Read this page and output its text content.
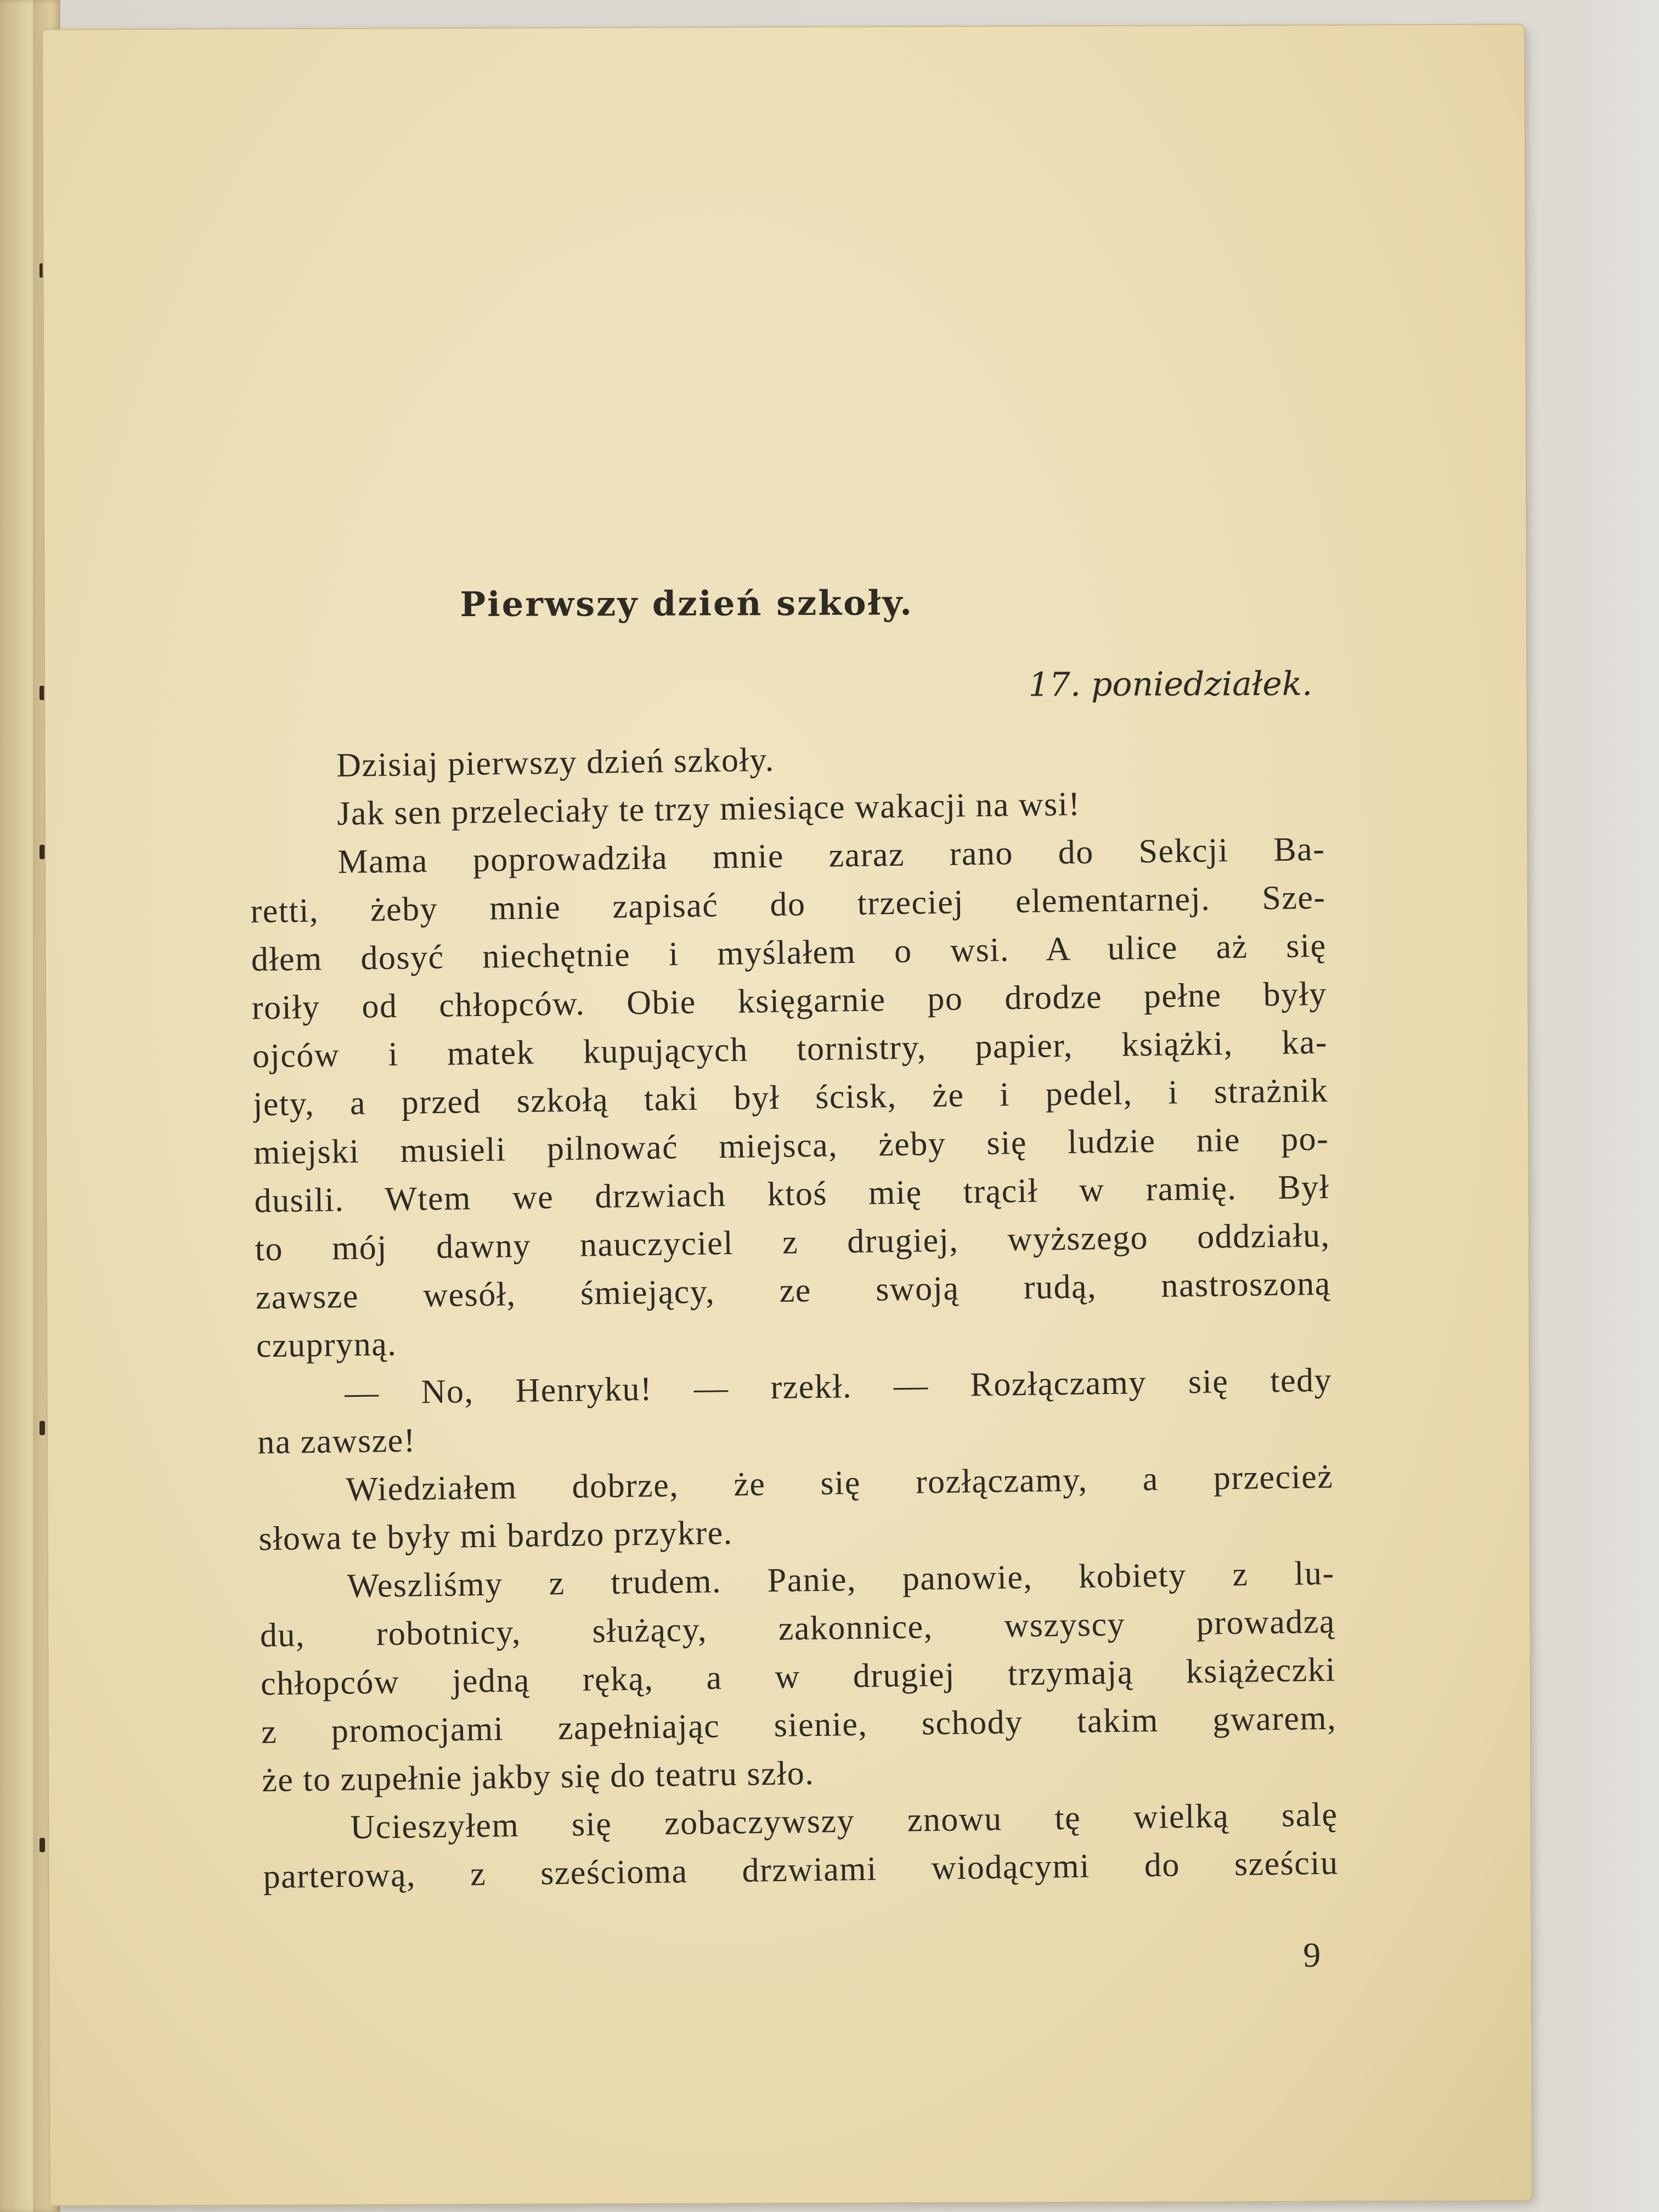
Pierwszy dzień szkoły.
17. poniedziałek.
Dzisiaj pierwszy dzień szkoły.
Jak sen przeleciały te trzy miesiące wakacji na wsi!
Mama poprowadziła mnie zaraz rano do Sekcji Ba-
retti, żeby mnie zapisać do trzeciej elementarnej. Sze-
dłem dosyć niechętnie i myślałem o wsi. A ulice aż się
roiły od chłopców. Obie księgarnie po drodze pełne były
ojców i matek kupujących tornistry, papier, książki, ka-
jety, a przed szkołą taki był ścisk, że i pedel, i strażnik
miejski musieli pilnować miejsca, żeby się ludzie nie po-
dusili. Wtem we drzwiach ktoś mię trącił w ramię. Był
to mój dawny nauczyciel z drugiej, wyższego oddziału,
zawsze wesół, śmiejący, ze swoją rudą, nastroszoną
czupryną.
— No, Henryku! — rzekł. — Rozłączamy się tedy
na zawsze!
Wiedziałem dobrze, że się rozłączamy, a przecież
słowa te były mi bardzo przykre.
Weszliśmy z trudem. Panie, panowie, kobiety z lu-
du, robotnicy, służący, zakonnice, wszyscy prowadzą
chłopców jedną ręką, a w drugiej trzymają książeczki
z promocjami zapełniając sienie, schody takim gwarem,
że to zupełnie jakby się do teatru szło.
Ucieszyłem się zobaczywszy znowu tę wielką salę
parterową, z sześcioma drzwiami wiodącymi do sześciu
9
